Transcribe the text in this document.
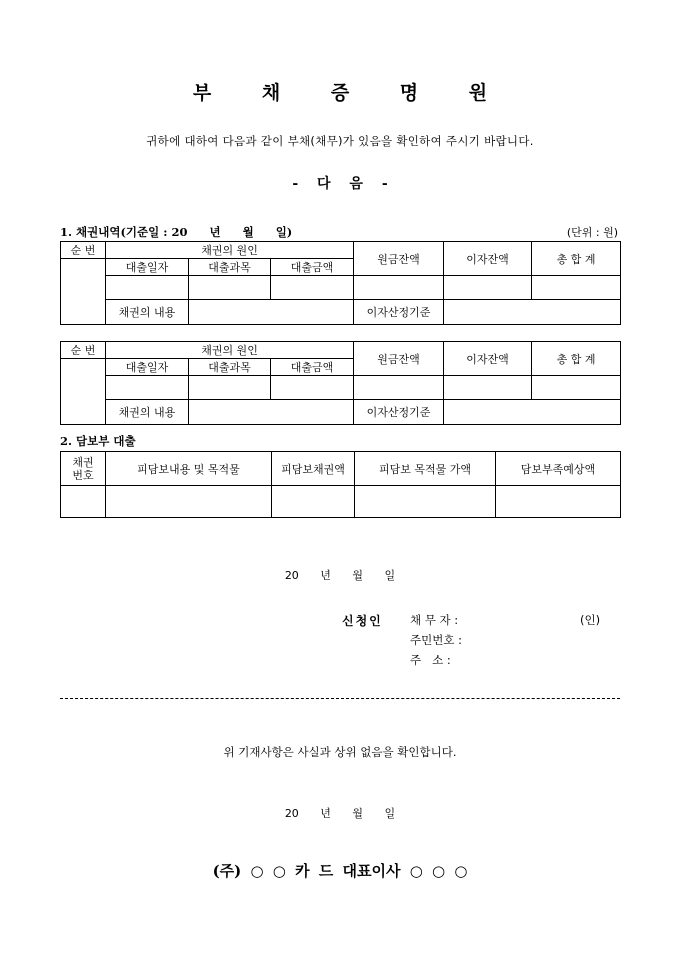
부 채 증 명 원
귀하에 대하여 다음과 같이 부채(채무)가 있음을 확인하여 주시기 바랍니다.
- 다 음 -
1. 채권내역(기준일 : 20 년 월 일)	(단위 : 원)
순 번	채권의 원인			원금잔액	이자잔액	총 합 계
	대출일자	대출과목	대출금액			

	채권의 내용			이자산정기준		
순 번	채권의 원인			원금잔액	이자잔액	총 합 계
	대출일자	대출과목	대출금액			

	채권의 내용			이자산정기준		
2. 담보부 대출
채권
번호	피담보내용 및 목적물	피담보채권액	피담보 목적물 가액	담보부족예상액

20 년 월 일
신청인 채 무 자 :	(인)
주민번호 :
주   소 :
위 기재사항은 사실과 상위 없음을 확인합니다.
20 년 월 일
(주) ○ ○ 카 드 대표이사 ○ ○ ○
